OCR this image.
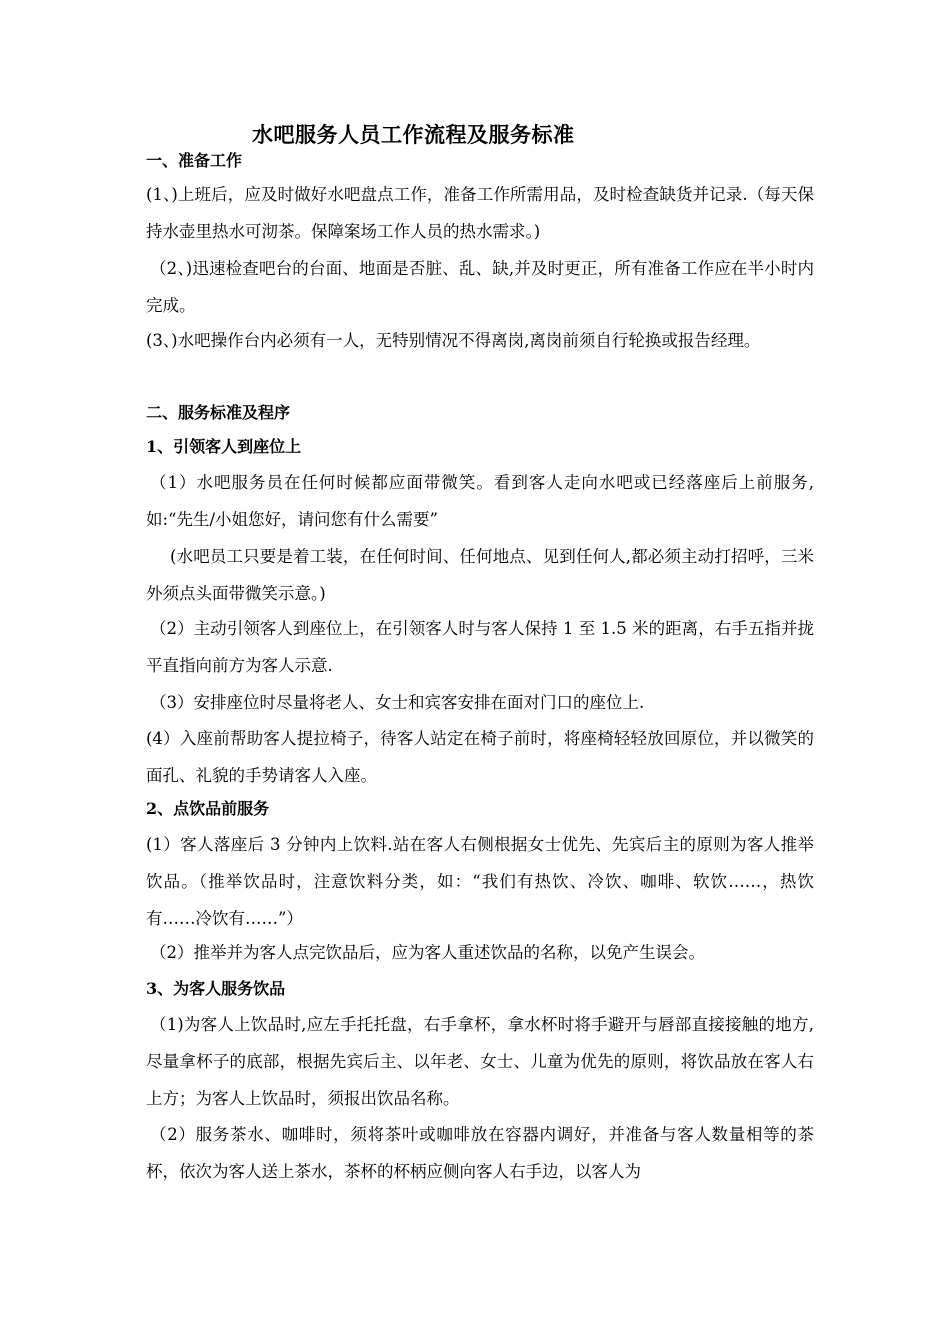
水吧服务人员工作流程及服务标准
一、准备工作
(1、)上班后，应及时做好水吧盘点工作，准备工作所需用品，及时检查缺货并记录.（每天保持水壶里热水可沏茶。保障案场工作人员的热水需求。)
（2、)迅速检查吧台的台面、地面是否脏、乱、缺,并及时更正，所有准备工作应在半小时内完成。
(3、)水吧操作台内必须有一人，无特别情况不得离岗,离岗前须自行轮换或报告经理。
二、服务标准及程序
1、引领客人到座位上
（1）水吧服务员在任何时候都应面带微笑。看到客人走向水吧或已经落座后上前服务,如:“先生/小姐您好，请问您有什么需要”
(水吧员工只要是着工装，在任何时间、任何地点、见到任何人,都必须主动打招呼，三米外须点头面带微笑示意。)
（2）主动引领客人到座位上，在引领客人时与客人保持 1 至 1.5 米的距离，右手五指并拢平直指向前方为客人示意.
（3）安排座位时尽量将老人、女士和宾客安排在面对门口的座位上.
(4）入座前帮助客人提拉椅子，待客人站定在椅子前时，将座椅轻轻放回原位，并以微笑的面孔、礼貌的手势请客人入座。
2、点饮品前服务
(1）客人落座后 3 分钟内上饮料.站在客人右侧根据女士优先、先宾后主的原则为客人推举饮品。（推举饮品时，注意饮料分类，如：“我们有热饮、冷饮、咖啡、软饮……，热饮有……冷饮有……”）
（2）推举并为客人点完饮品后，应为客人重述饮品的名称，以免产生误会。
3、为客人服务饮品
（1)为客人上饮品时,应左手托托盘，右手拿杯，拿水杯时将手避开与唇部直接接触的地方,尽量拿杯子的底部，根据先宾后主、以年老、女士、儿童为优先的原则，将饮品放在客人右上方；为客人上饮品时，须报出饮品名称。
（2）服务茶水、咖啡时，须将茶叶或咖啡放在容器内调好，并准备与客人数量相等的茶杯，依次为客人送上茶水，茶杯的杯柄应侧向客人右手边，以客人为
